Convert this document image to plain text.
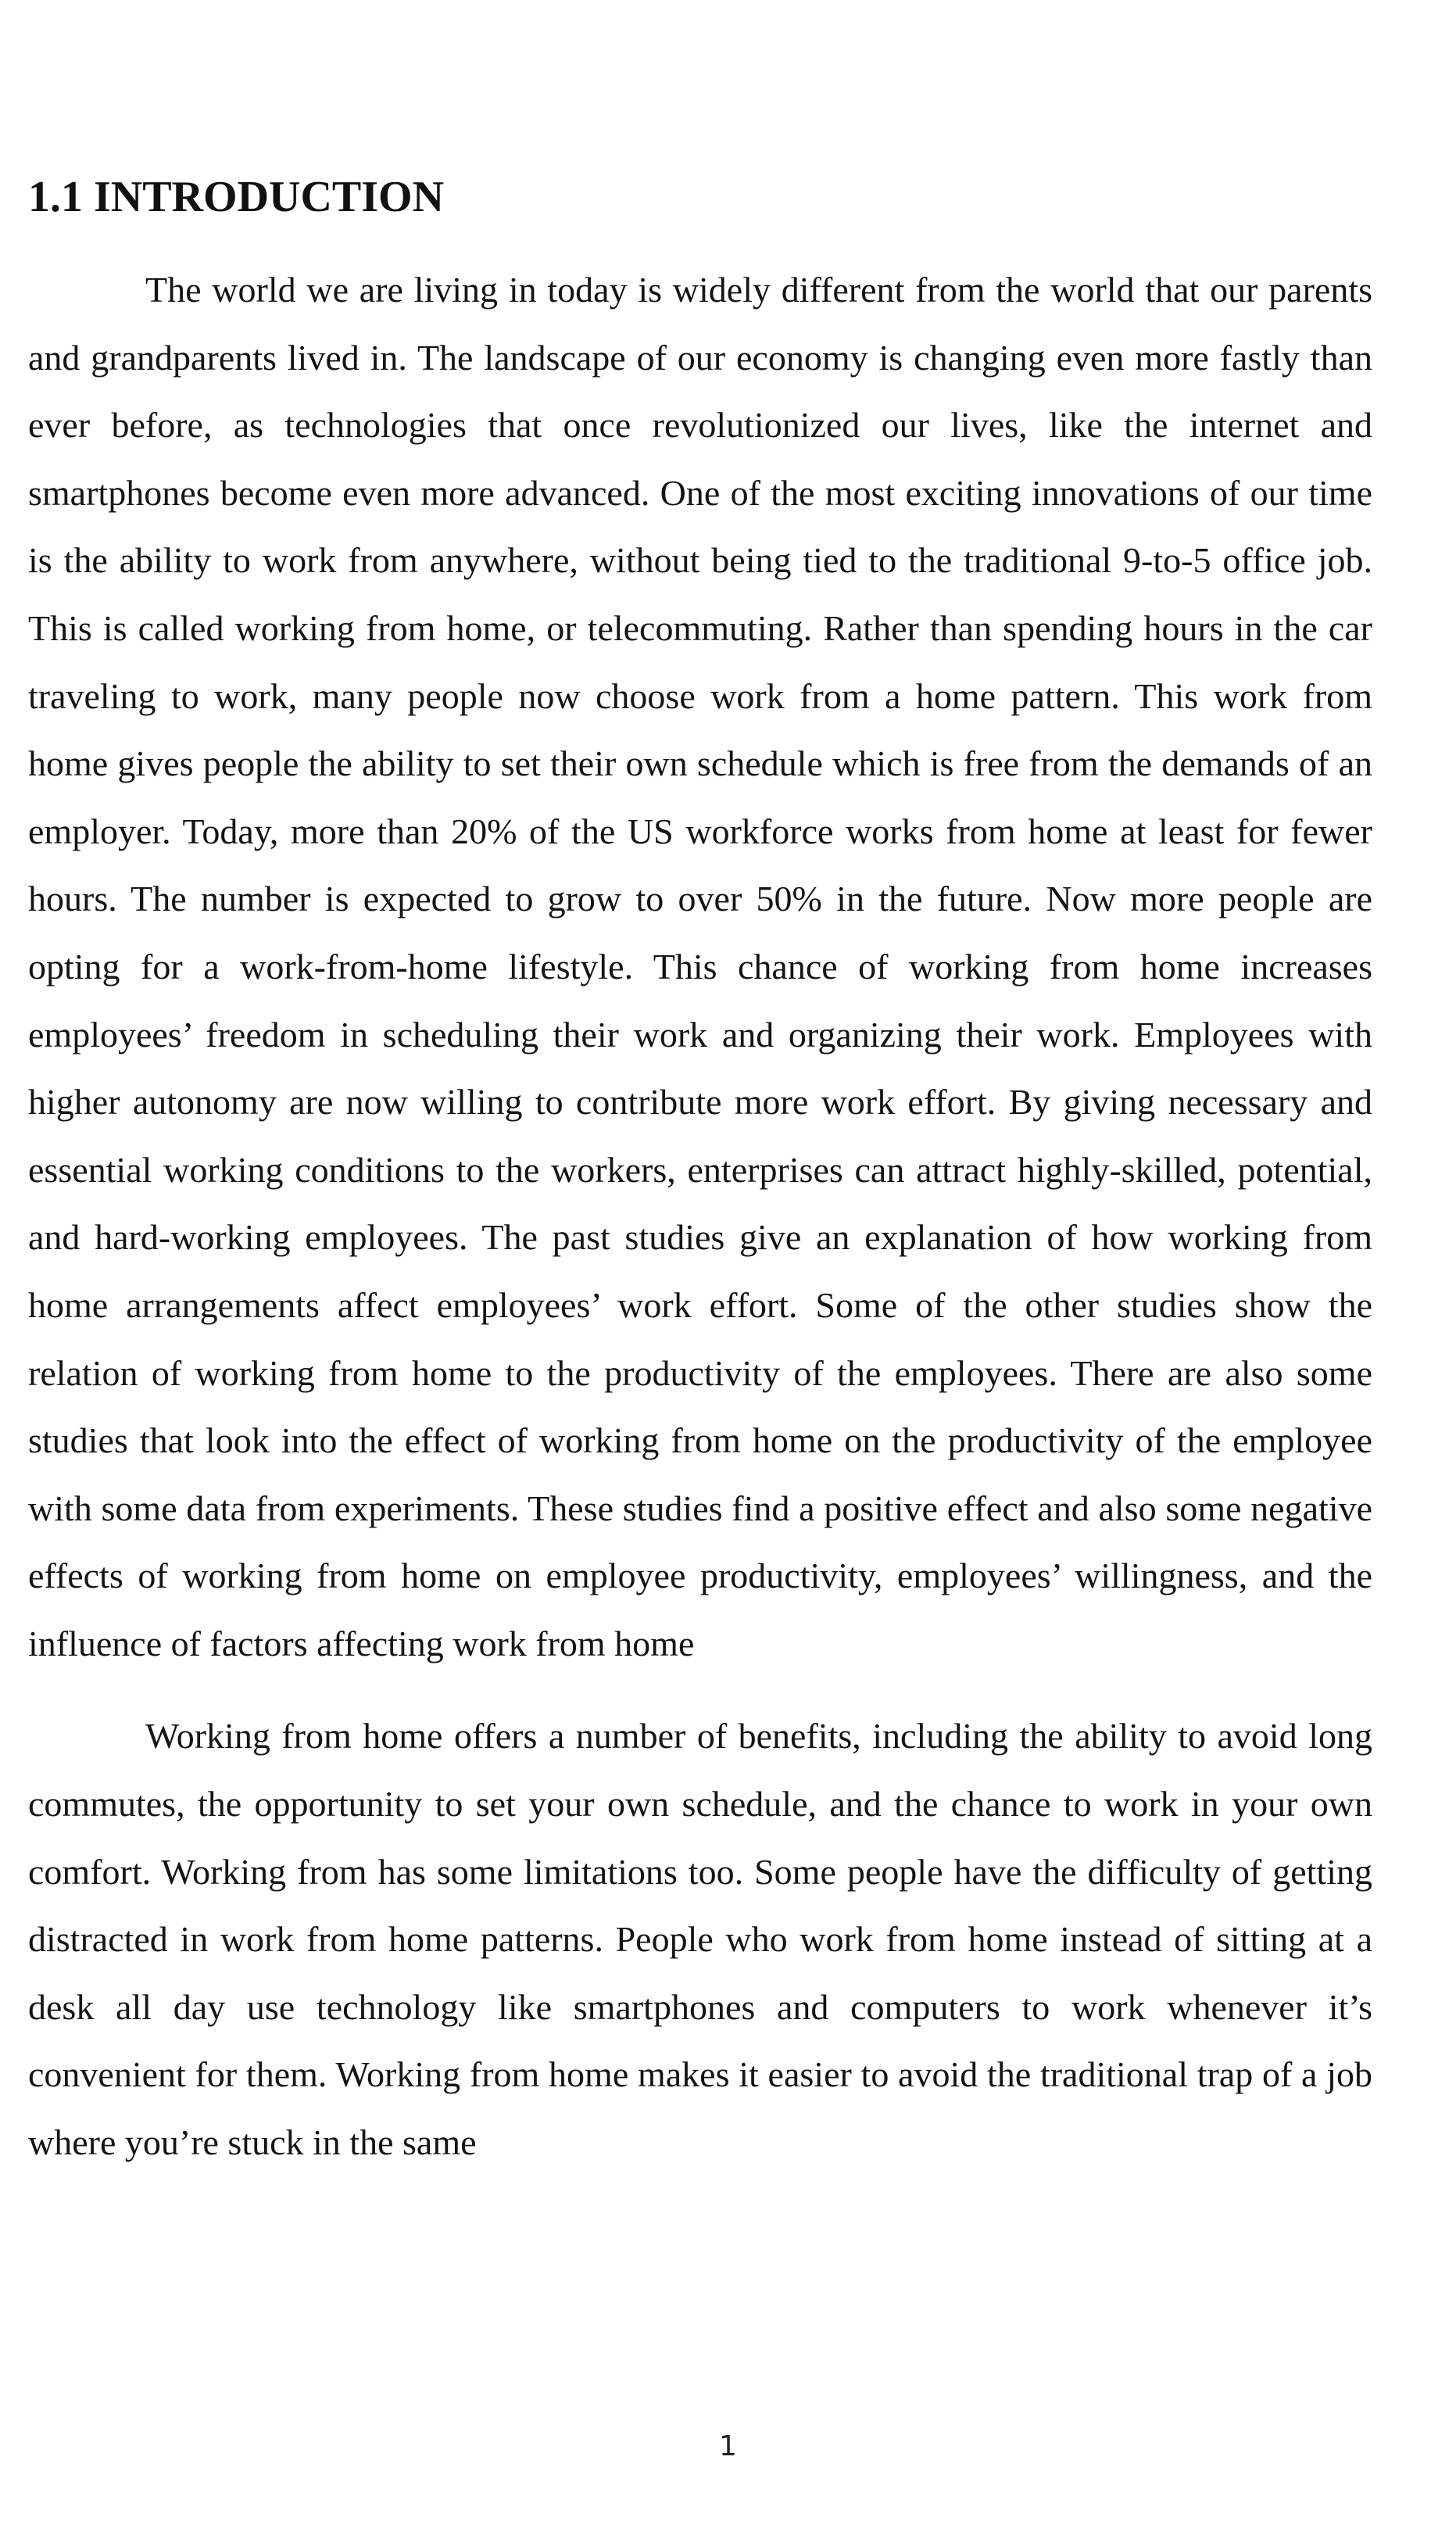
1.1 INTRODUCTION

The world we are living in today is widely different from the world that our parents and grandparents lived in. The landscape of our economy is changing even more fastly than ever before, as technologies that once revolutionized our lives, like the internet and smartphones become even more advanced. One of the most exciting innovations of our time is the ability to work from anywhere, without being tied to the traditional 9-to-5 office job. This is called working from home, or telecommuting. Rather than spending hours in the car traveling to work, many people now choose work from a home pattern. This work from home gives people the ability to set their own schedule which is free from the demands of an employer. Today, more than 20% of the US workforce works from home at least for fewer hours. The number is expected to grow to over 50% in the future. Now more people are opting for a work-from-home lifestyle. This chance of working from home increases employees’ freedom in scheduling their work and organizing their work. Employees with higher autonomy are now willing to contribute more work effort. By giving necessary and essential working conditions to the workers, enterprises can attract highly-skilled, potential, and hard-working employees. The past studies give an explanation of how working from home arrangements affect employees’ work effort. Some of the other studies show the relation of working from home to the productivity of the employees. There are also some studies that look into the effect of working from home on the productivity of the employee with some data from experiments. These studies find a positive effect and also some negative effects of working from home on employee productivity, employees’ willingness, and the influence of factors affecting work from home

Working from home offers a number of benefits, including the ability to avoid long commutes, the opportunity to set your own schedule, and the chance to work in your own comfort. Working from has some limitations too. Some people have the difficulty of getting distracted in work from home patterns. People who work from home instead of sitting at a desk all day use technology like smartphones and computers to work whenever it’s convenient for them. Working from home makes it easier to avoid the traditional trap of a job where you’re stuck in the same

1
